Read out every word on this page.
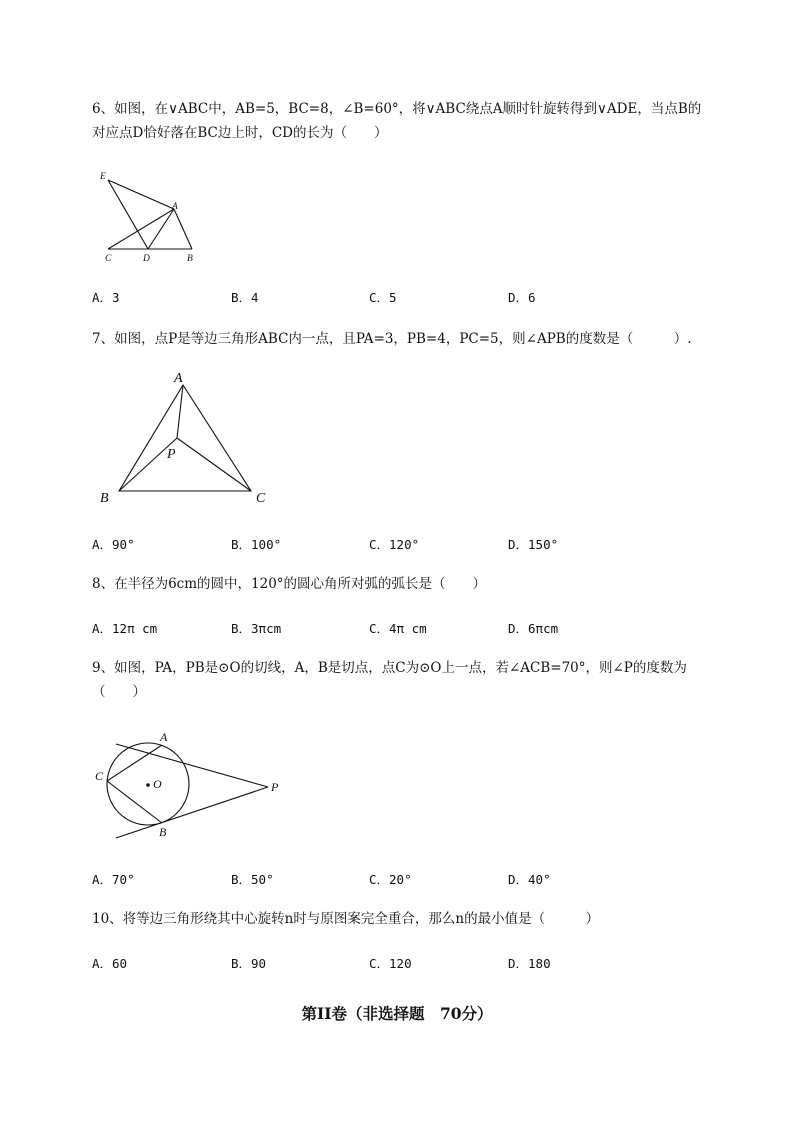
6、如图，在∨ABC中，AB=5，BC=8，∠B=60°，将∨ABC绕点A顺时针旋转得到∨ADE，当点B的
对应点D恰好落在BC边上时，CD的长为（　　）
E
A
C	D	B
A．3	B．4	C．5	D．6
7、如图，点P是等边三角形ABC内一点，且PA=3，PB=4，PC=5，则∠APB的度数是（　　　）.
A
P
B	C
A．90°	B．100°	C．120°	D．150°
8、在半径为6cm的圆中，120°的圆心角所对弧的弧长是（　　）
A．12π cm	B．3πcm	C．4π cm	D．6πcm
9、如图，PA，PB是⊙O的切线，A，B是切点，点C为⊙O上一点，若∠ACB=70°，则∠P的度数为
（　　）
A
C
O	P
B
A．70°	B．50°	C．20°	D．40°
10、将等边三角形绕其中心旋转n时与原图案完全重合，那么n的最小值是（　　　）
A．60	B．90	C．120	D．180
第II卷（非选择题　70分）
